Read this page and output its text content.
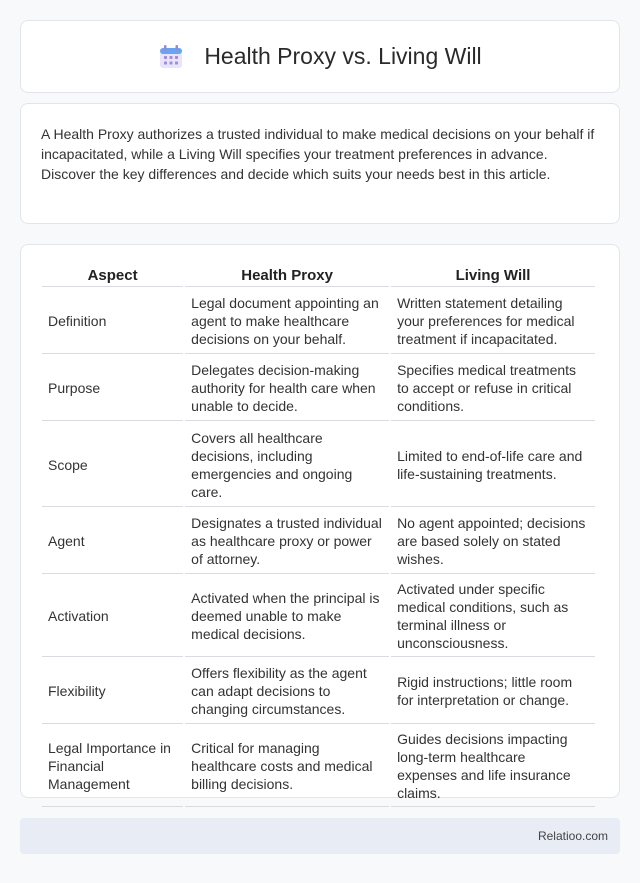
Health Proxy vs. Living Will

A Health Proxy authorizes a trusted individual to make medical decisions on your behalf if incapacitated, while a Living Will specifies your treatment preferences in advance. Discover the key differences and decide which suits your needs best in this article.

Aspect	Health Proxy	Living Will
Definition	Legal document appointing an agent to make healthcare decisions on your behalf.	Written statement detailing your preferences for medical treatment if incapacitated.
Purpose	Delegates decision-making authority for health care when unable to decide.	Specifies medical treatments to accept or refuse in critical conditions.
Scope	Covers all healthcare decisions, including emergencies and ongoing care.	Limited to end-of-life care and life-sustaining treatments.
Agent	Designates a trusted individual as healthcare proxy or power of attorney.	No agent appointed; decisions are based solely on stated wishes.
Activation	Activated when the principal is deemed unable to make medical decisions.	Activated under specific medical conditions, such as terminal illness or unconsciousness.
Flexibility	Offers flexibility as the agent can adapt decisions to changing circumstances.	Rigid instructions; little room for interpretation or change.
Legal Importance in Financial Management	Critical for managing healthcare costs and medical billing decisions.	Guides decisions impacting long-term healthcare expenses and life insurance claims.
Relatioo.com
